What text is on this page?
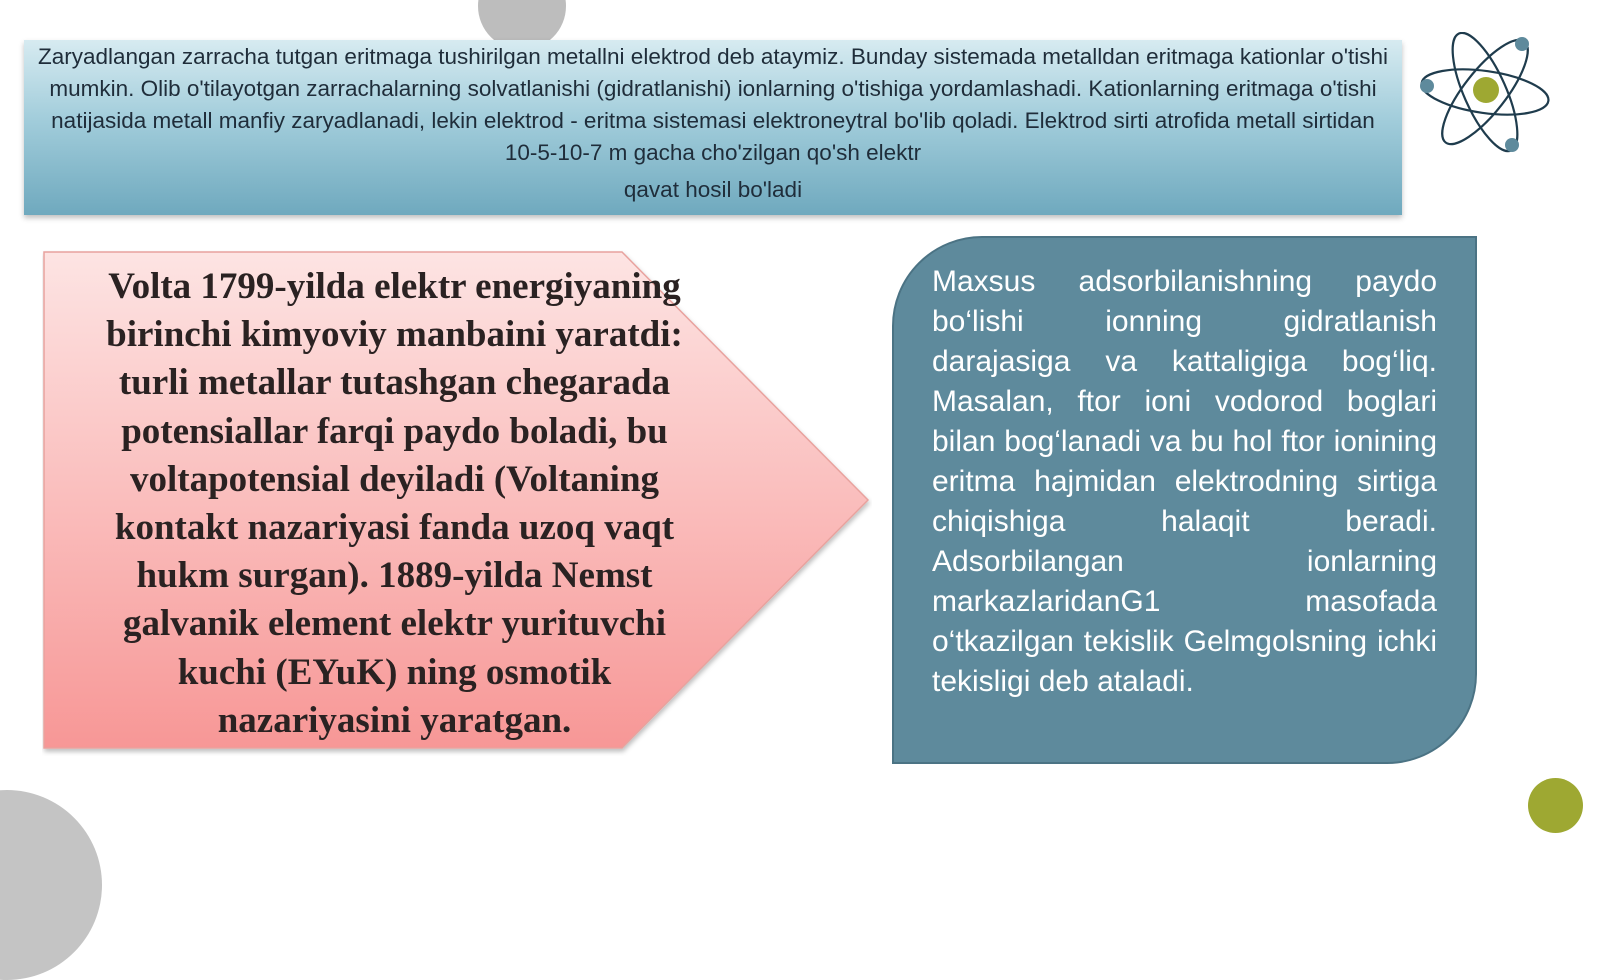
Zaryadlangan zarracha tutgan eritmaga tushirilgan metallni elektrod deb ataymiz. Bunday sistemada metalldan eritmaga kationlar o'tishi mumkin. Olib o'tilayotgan zarrachalarning solvatlanishi (gidratlanishi) ionlarning o'tishiga yordamlashadi. Kationlarning eritmaga o'tishi natijasida metall manfiy zaryadlanadi, lekin elektrod - eritma sistemasi elektroneytral bo'lib qoladi. Elektrod sirti atrofida metall sirtidan 10-5-10-7 m gacha cho'zilgan qo'sh elektr

qavat hosil bo'ladi

Volta 1799-yilda elektr energiyaning birinchi kimyoviy manbaini yaratdi: turli metallar tutashgan chegarada potensiallar farqi paydo boladi, bu voltapotensial deyiladi (Voltaning kontakt nazariyasi fanda uzoq vaqt hukm surgan). 1889-yilda Nemst galvanik element elektr yurituvchi kuchi (EYuK) ning osmotik nazariyasini yaratgan.

Maxsus adsorbilanishning paydo bo‘lishi ionning gidratlanish darajasiga va kattaligiga bog‘liq. Masalan, ftor ioni vodorod boglari bilan bog‘lanadi va bu hol ftor ionining eritma hajmidan elektrodning sirtiga chiqishiga halaqit beradi. Adsorbilangan ionlarning markazlaridanG1 masofada o‘tkazilgan tekislik Gelmgolsning ichki tekisligi deb ataladi.
